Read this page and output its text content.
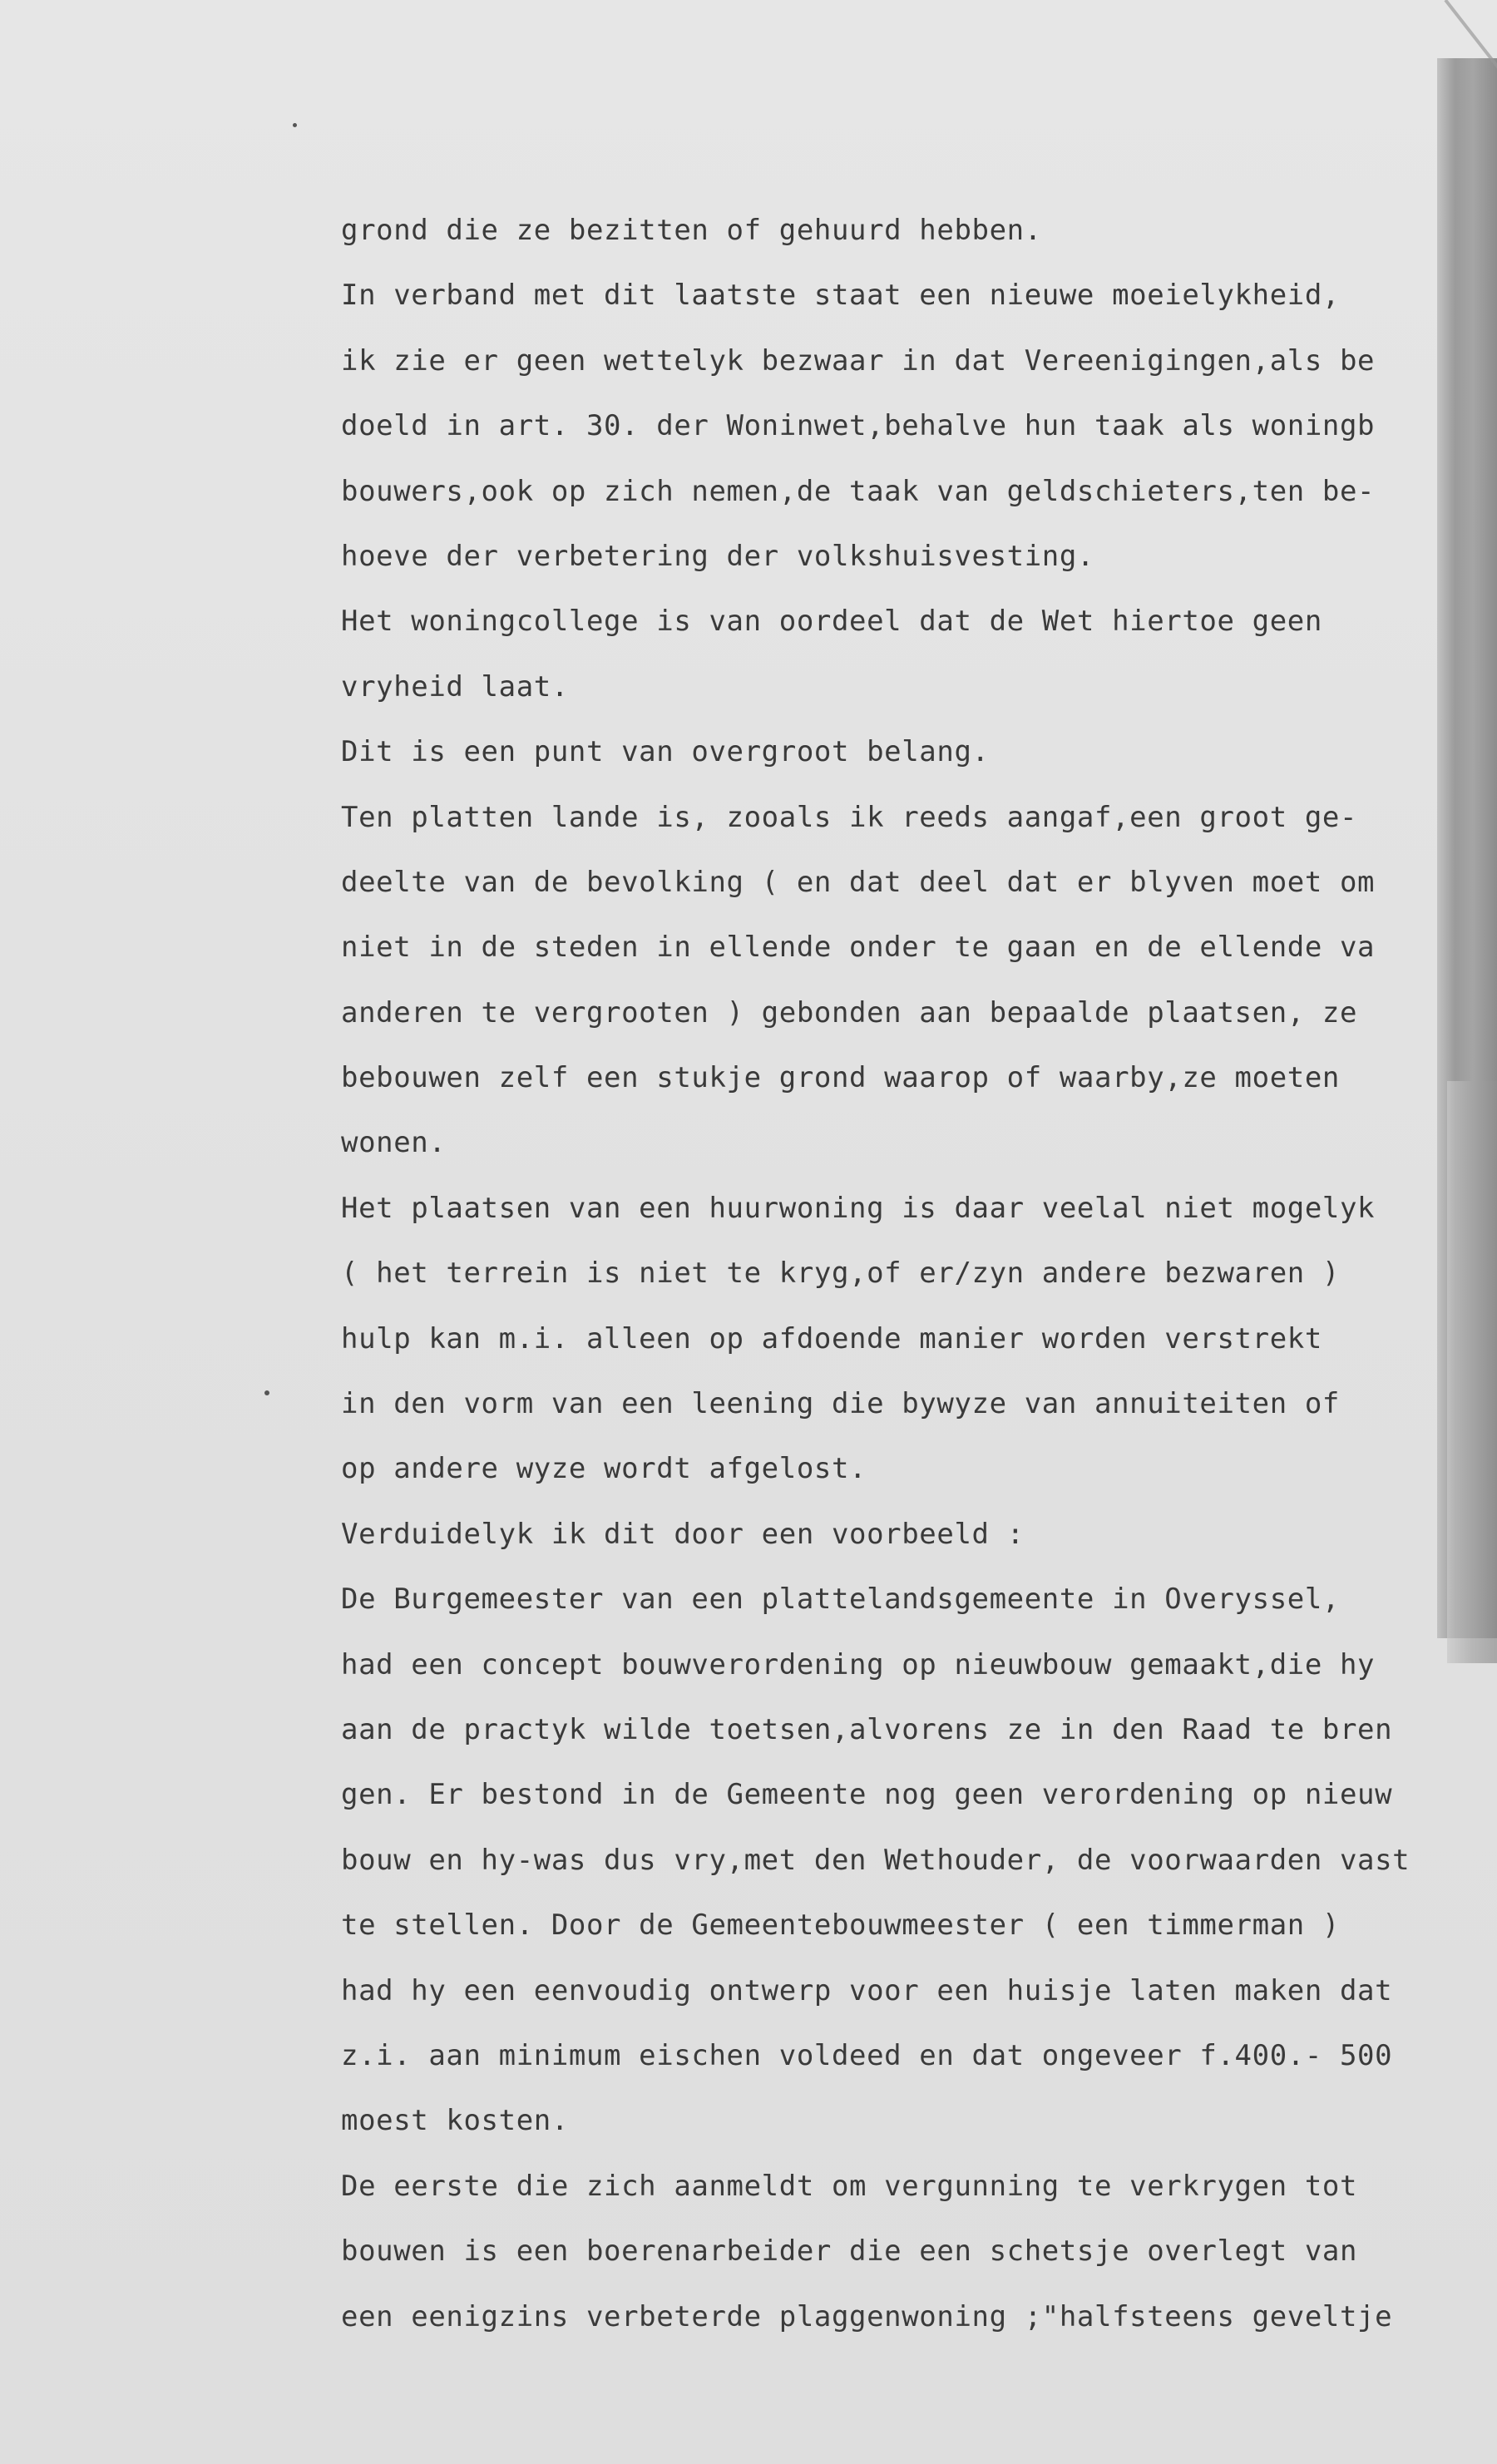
grond die ze bezitten of gehuurd hebben.
In verband met dit laatste staat een nieuwe moeielykheid,
ik zie er geen wettelyk bezwaar in dat Vereenigingen,als be
doeld in art. 30. der Woninwet,behalve hun taak als woningb
bouwers,ook op zich nemen,de taak van geldschieters,ten be-
hoeve der verbetering der volkshuisvesting.
Het woningcollege is van oordeel dat de Wet hiertoe geen
vryheid laat.
Dit is een punt van overgroot belang.
Ten platten lande is, zooals ik reeds aangaf,een groot ge-
deelte van de bevolking ( en dat deel dat er blyven moet om
niet in de steden in ellende onder te gaan en de ellende va
anderen te vergrooten ) gebonden aan bepaalde plaatsen, ze
bebouwen zelf een stukje grond waarop of waarby,ze moeten
wonen.
Het plaatsen van een huurwoning is daar veelal niet mogelyk
( het terrein is niet te kryg,of er/zyn andere bezwaren )
hulp kan m.i. alleen op afdoende manier worden verstrekt
in den vorm van een leening die bywyze van annuiteiten of
op andere wyze wordt afgelost.
Verduidelyk ik dit door een voorbeeld :
De Burgemeester van een plattelandsgemeente in Overyssel,
had een concept bouwverordening op nieuwbouw gemaakt,die hy
aan de practyk wilde toetsen,alvorens ze in den Raad te bren
gen. Er bestond in de Gemeente nog geen verordening op nieuw
bouw en hy-was dus vry,met den Wethouder, de voorwaarden vast
te stellen. Door de Gemeentebouwmeester ( een timmerman )
had hy een eenvoudig ontwerp voor een huisje laten maken dat
z.i. aan minimum eischen voldeed en dat ongeveer f.400.- 500
moest kosten.
De eerste die zich aanmeldt om vergunning te verkrygen tot
bouwen is een boerenarbeider die een schetsje overlegt van
een eenigzins verbeterde plaggenwoning ;"halfsteens geveltje
